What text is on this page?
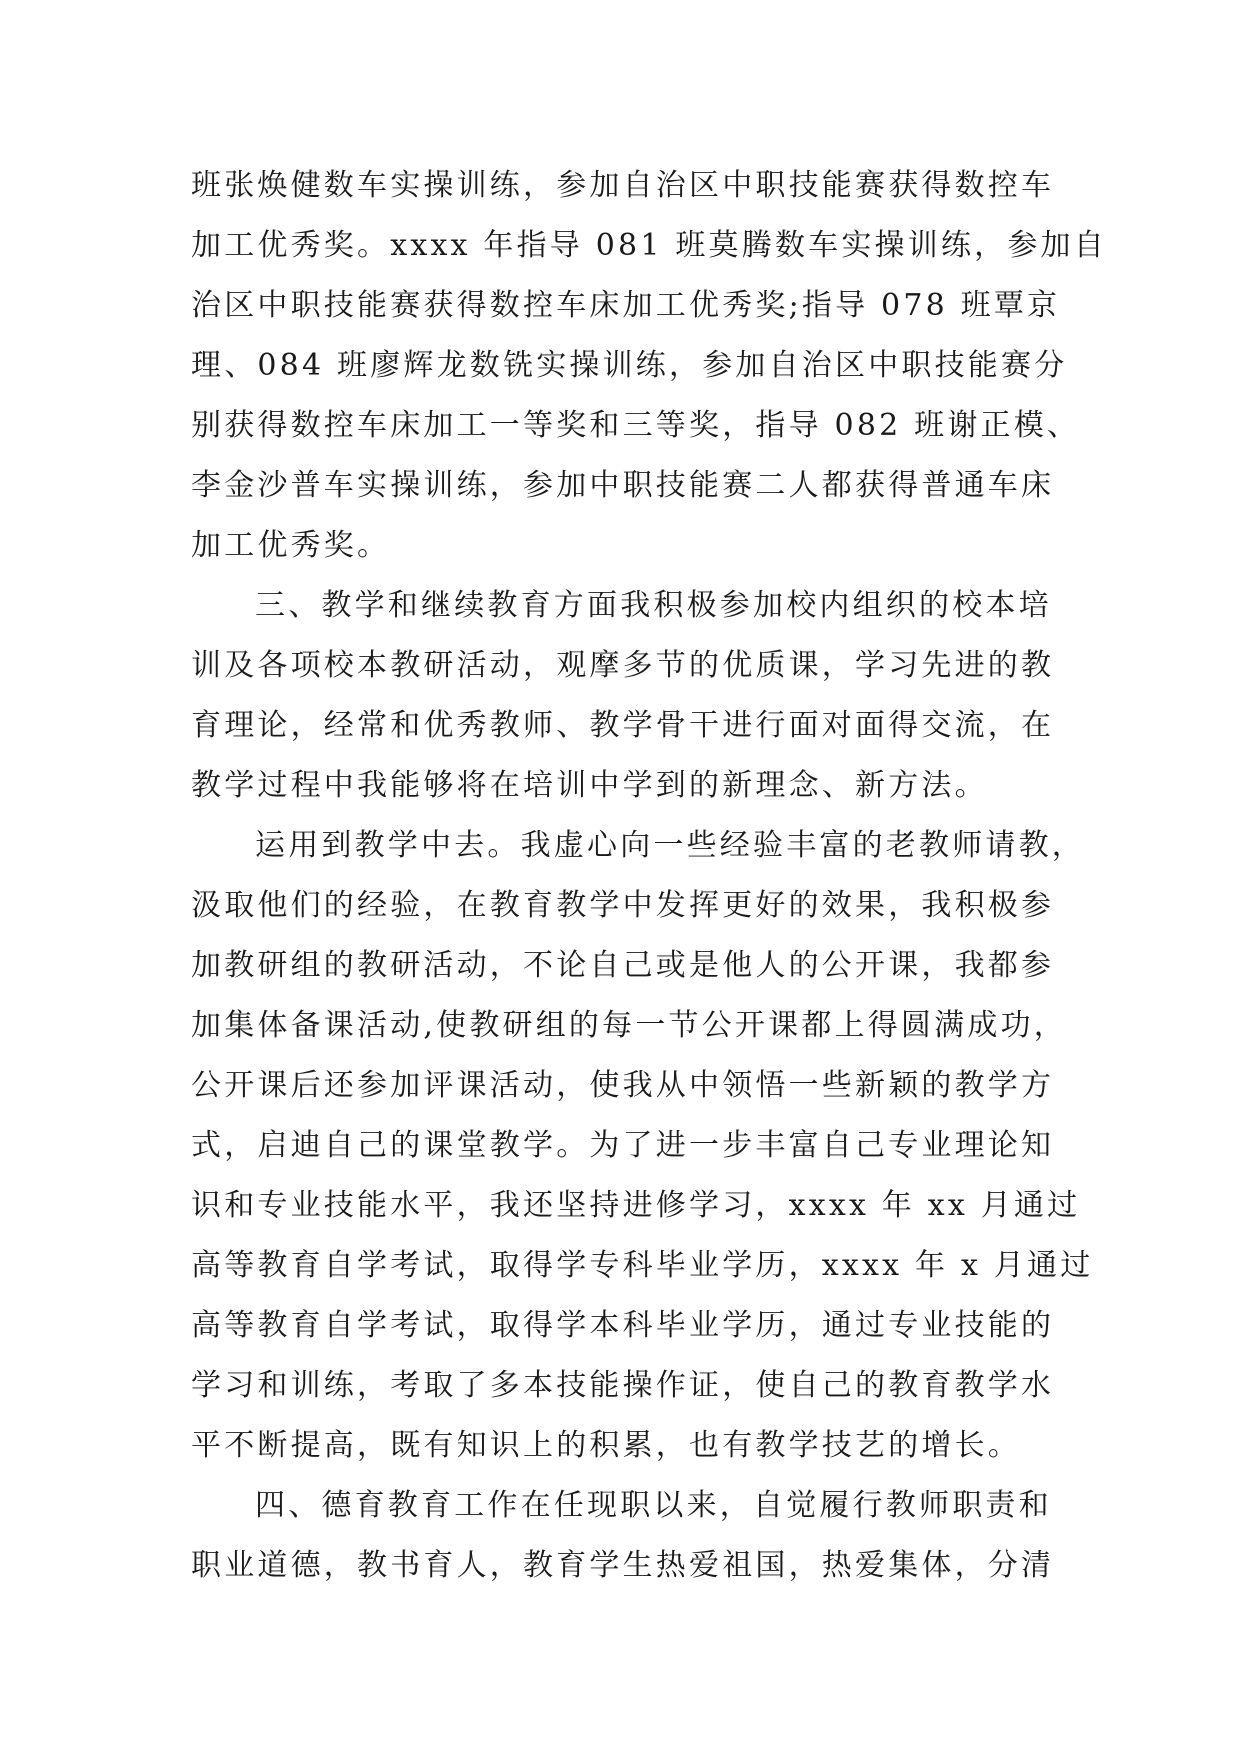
班张焕健数车实操训练，参加自治区中职技能赛获得数控车
加工优秀奖。xxxx 年指导 081 班莫腾数车实操训练，参加自
治区中职技能赛获得数控车床加工优秀奖;指导 078 班覃京
理、084 班廖辉龙数铣实操训练，参加自治区中职技能赛分
别获得数控车床加工一等奖和三等奖，指导 082 班谢正模、
李金沙普车实操训练，参加中职技能赛二人都获得普通车床
加工优秀奖。
三、教学和继续教育方面我积极参加校内组织的校本培
训及各项校本教研活动，观摩多节的优质课，学习先进的教
育理论，经常和优秀教师、教学骨干进行面对面得交流，在
教学过程中我能够将在培训中学到的新理念、新方法。
运用到教学中去。我虚心向一些经验丰富的老教师请教，
汲取他们的经验，在教育教学中发挥更好的效果，我积极参
加教研组的教研活动，不论自己或是他人的公开课，我都参
加集体备课活动,使教研组的每一节公开课都上得圆满成功，
公开课后还参加评课活动，使我从中领悟一些新颖的教学方
式，启迪自己的课堂教学。为了进一步丰富自己专业理论知
识和专业技能水平，我还坚持进修学习，xxxx 年 xx 月通过
高等教育自学考试，取得学专科毕业学历，xxxx 年 x 月通过
高等教育自学考试，取得学本科毕业学历，通过专业技能的
学习和训练，考取了多本技能操作证，使自己的教育教学水
平不断提高，既有知识上的积累，也有教学技艺的增长。
四、德育教育工作在任现职以来，自觉履行教师职责和
职业道德，教书育人，教育学生热爱祖国，热爱集体，分清
